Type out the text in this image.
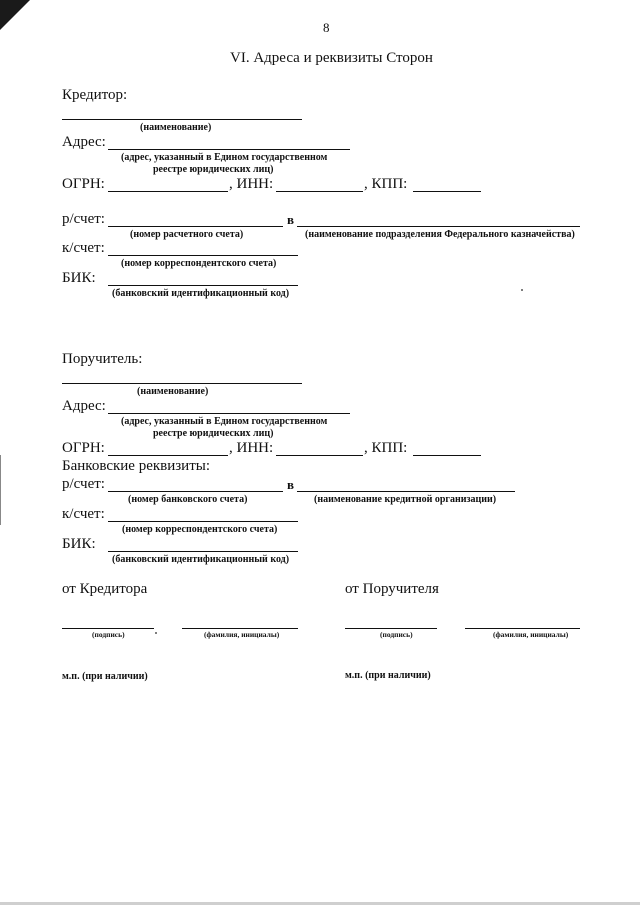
8
VI. Адреса и реквизиты Сторон
Кредитор:
(наименование)
Адрес:
(адрес, указанный в Едином государственном
реестре юридических лиц)
ОГРН:	, ИНН:	, КПП:
р/счет:
(номер расчетного счета)
в
(наименование подразделения Федерального казначейства)
к/счет:
(номер корреспондентского счета)
БИК:
(банковский идентификационный код)
Поручитель:
(наименование)
Адрес:
(адрес, указанный в Едином государственном
реестре юридических лиц)
ОГРН:	, ИНН:	, КПП:
Банковские реквизиты:
р/счет:
(номер банковского счета)
в
(наименование кредитной организации)
к/счет:
(номер корреспондентского счета)
БИК:
(банковский идентификационный код)
от Кредитора	от Поручителя
(подпись)	(фамилия, инициалы)	(подпись)	(фамилия, инициалы)
м.п. (при наличии)	м.п. (при наличии)
